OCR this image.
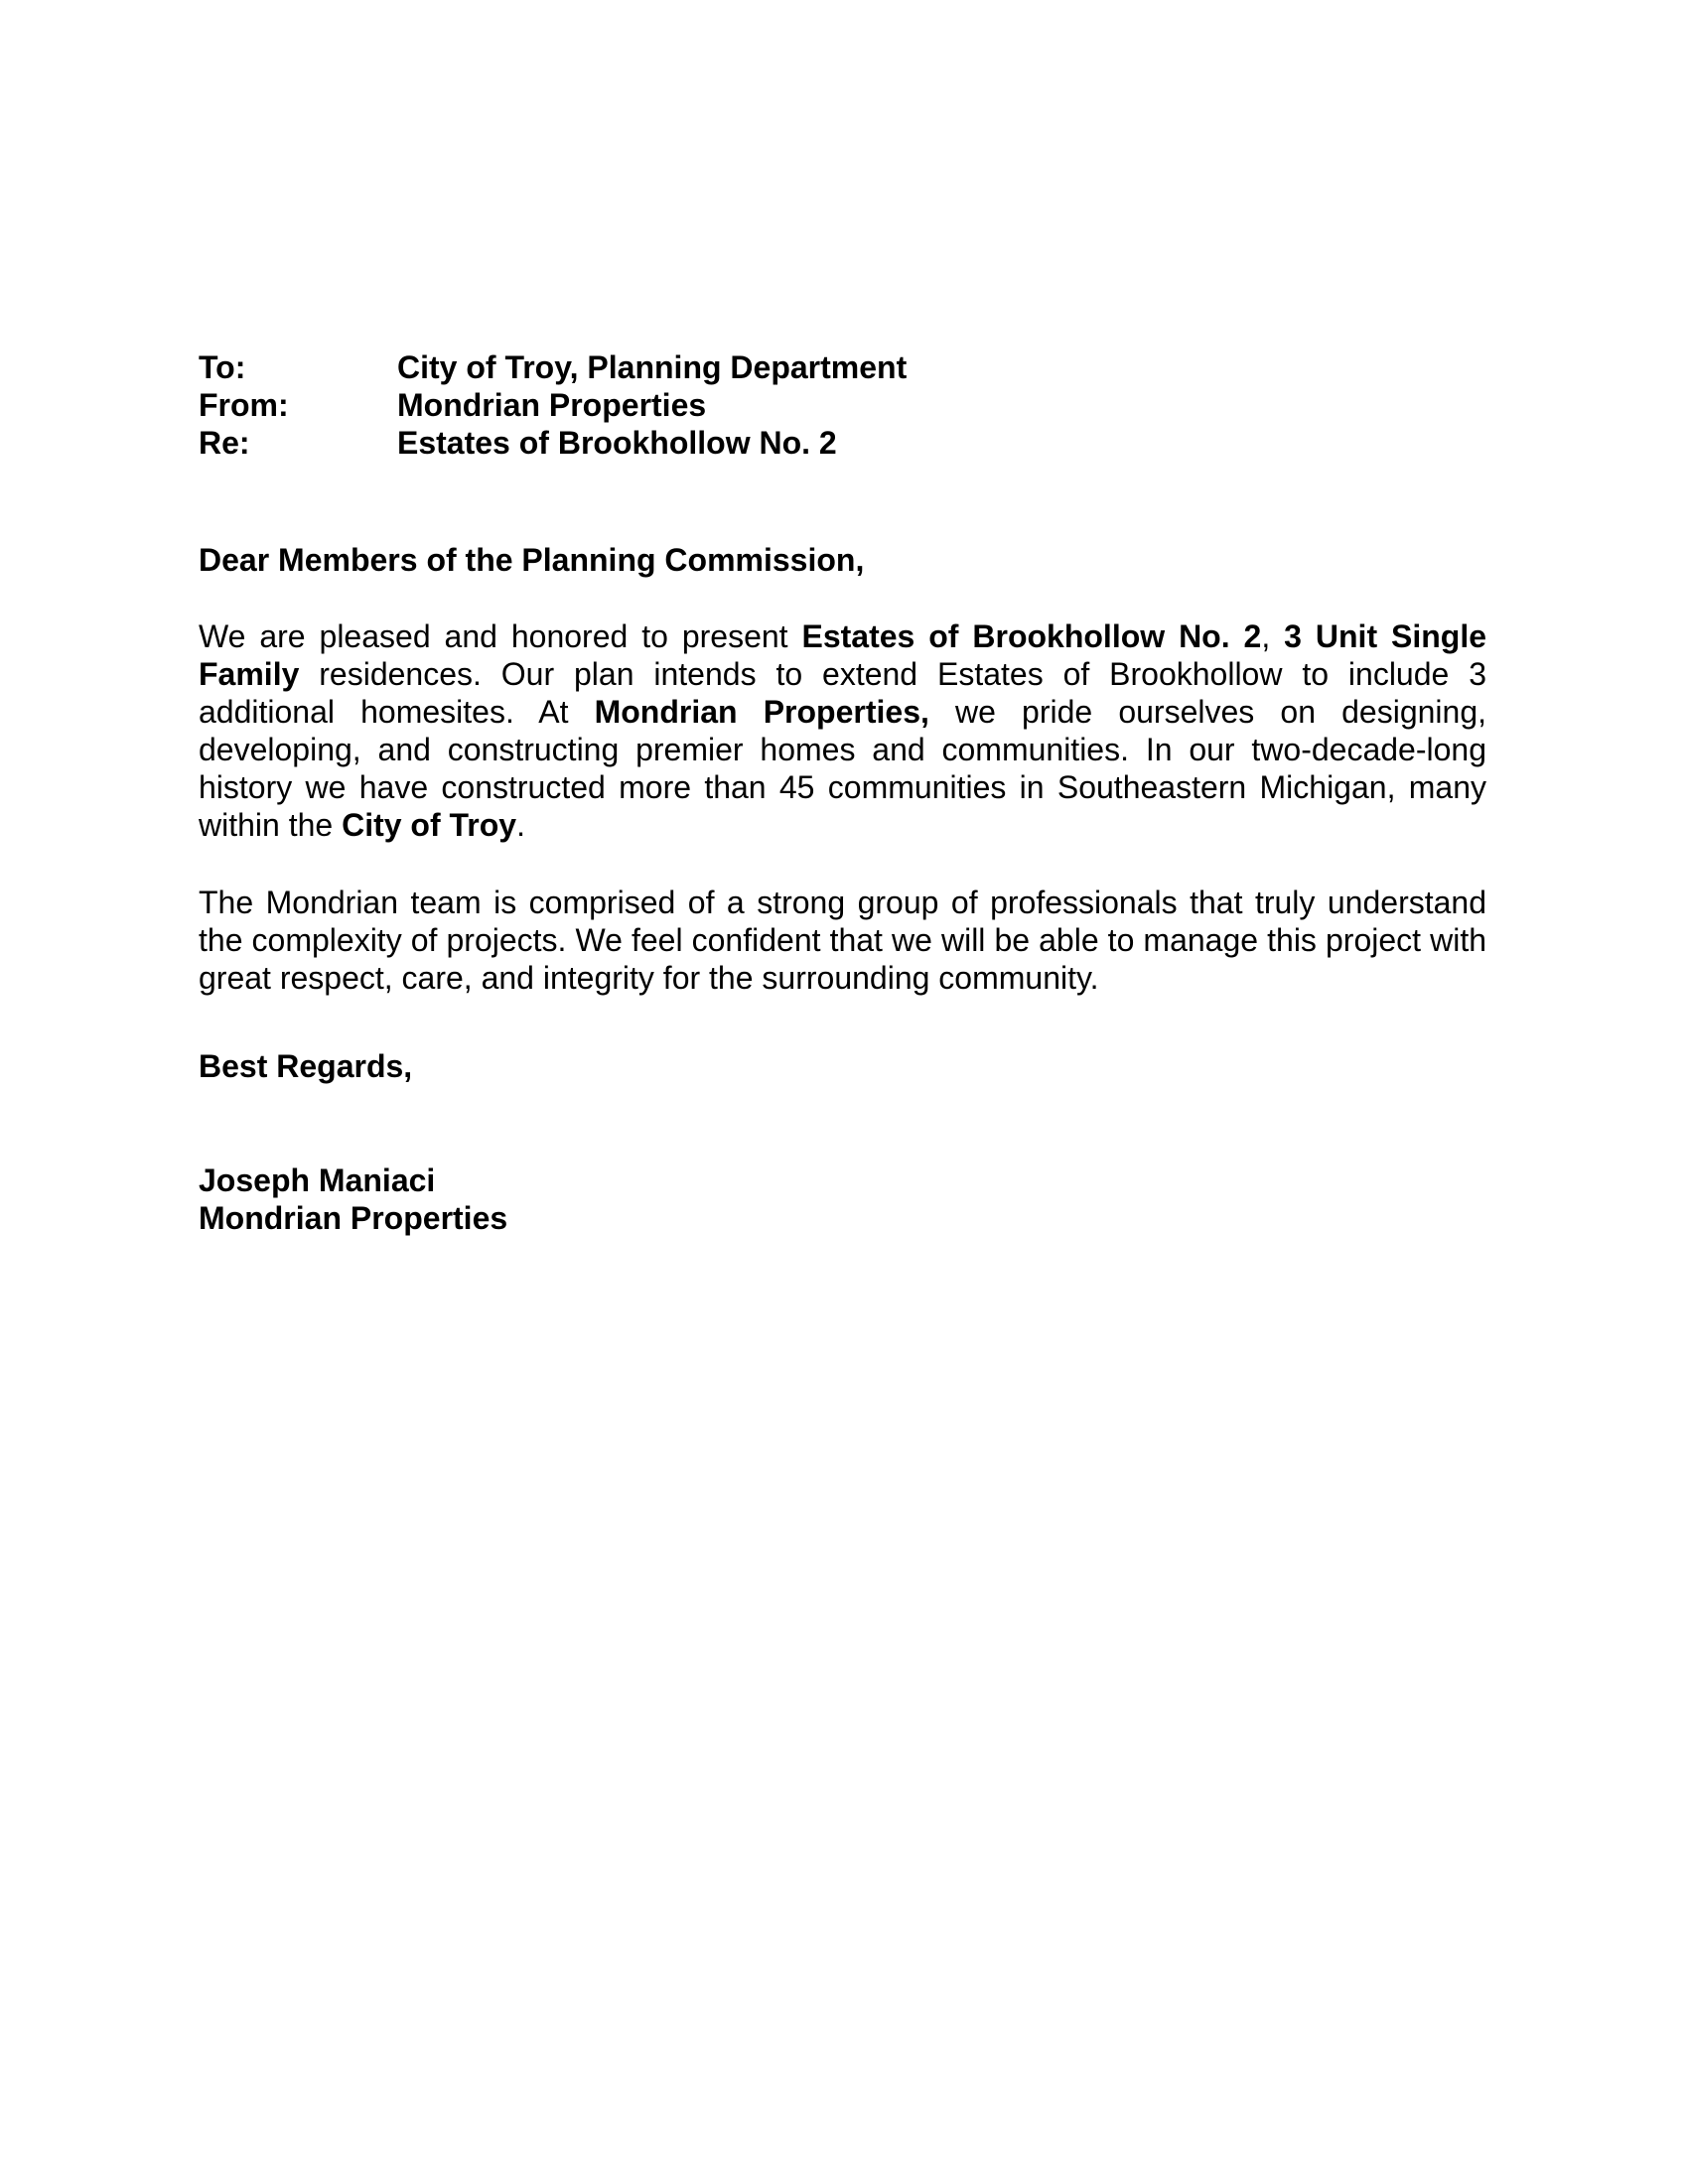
To:	City of Troy, Planning Department
From:	Mondrian Properties
Re:	Estates of Brookhollow No. 2
Dear Members of the Planning Commission,

We are pleased and honored to present Estates of Brookhollow No. 2, 3 Unit Single Family residences. Our plan intends to extend Estates of Brookhollow to include 3 additional homesites. At Mondrian Properties, we pride ourselves on designing, developing, and constructing premier homes and communities. In our two-decade-long history we have constructed more than 45 communities in Southeastern Michigan, many within the City of Troy.

The Mondrian team is comprised of a strong group of professionals that truly understand the complexity of projects. We feel confident that we will be able to manage this project with great respect, care, and integrity for the surrounding community.

Best Regards,
Joseph Maniaci
Mondrian Properties
